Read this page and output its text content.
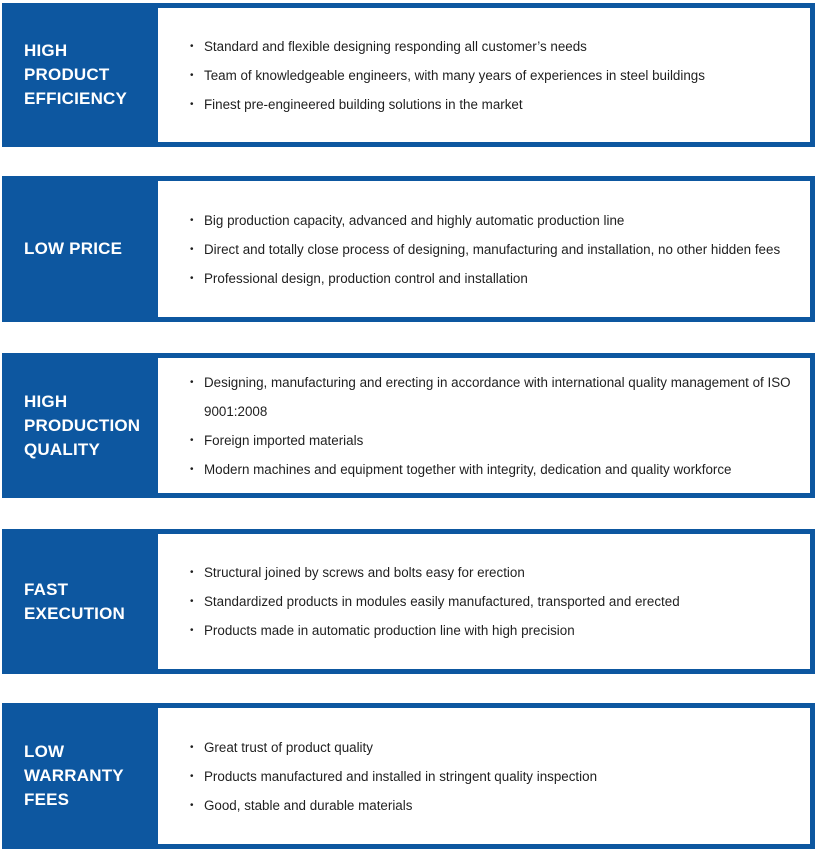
HIGH
PRODUCT
EFFICIENCY
• Standard and flexible designing responding all customer’s needs
• Team of knowledgeable engineers, with many years of experiences in steel buildings
• Finest pre-engineered building solutions in the market
LOW PRICE
• Big production capacity, advanced and highly automatic production line
• Direct and totally close process of designing, manufacturing and installation, no other hidden fees
• Professional design, production control and installation
HIGH
PRODUCTION
QUALITY
• Designing, manufacturing and erecting in accordance with international quality management of ISO 9001:2008
• Foreign imported materials
• Modern machines and equipment together with integrity, dedication and quality workforce
FAST
EXECUTION
• Structural joined by screws and bolts easy for erection
• Standardized products in modules easily manufactured, transported and erected
• Products made in automatic production line with high precision
LOW
WARRANTY
FEES
• Great trust of product quality
• Products manufactured and installed in stringent quality inspection
• Good, stable and durable materials
